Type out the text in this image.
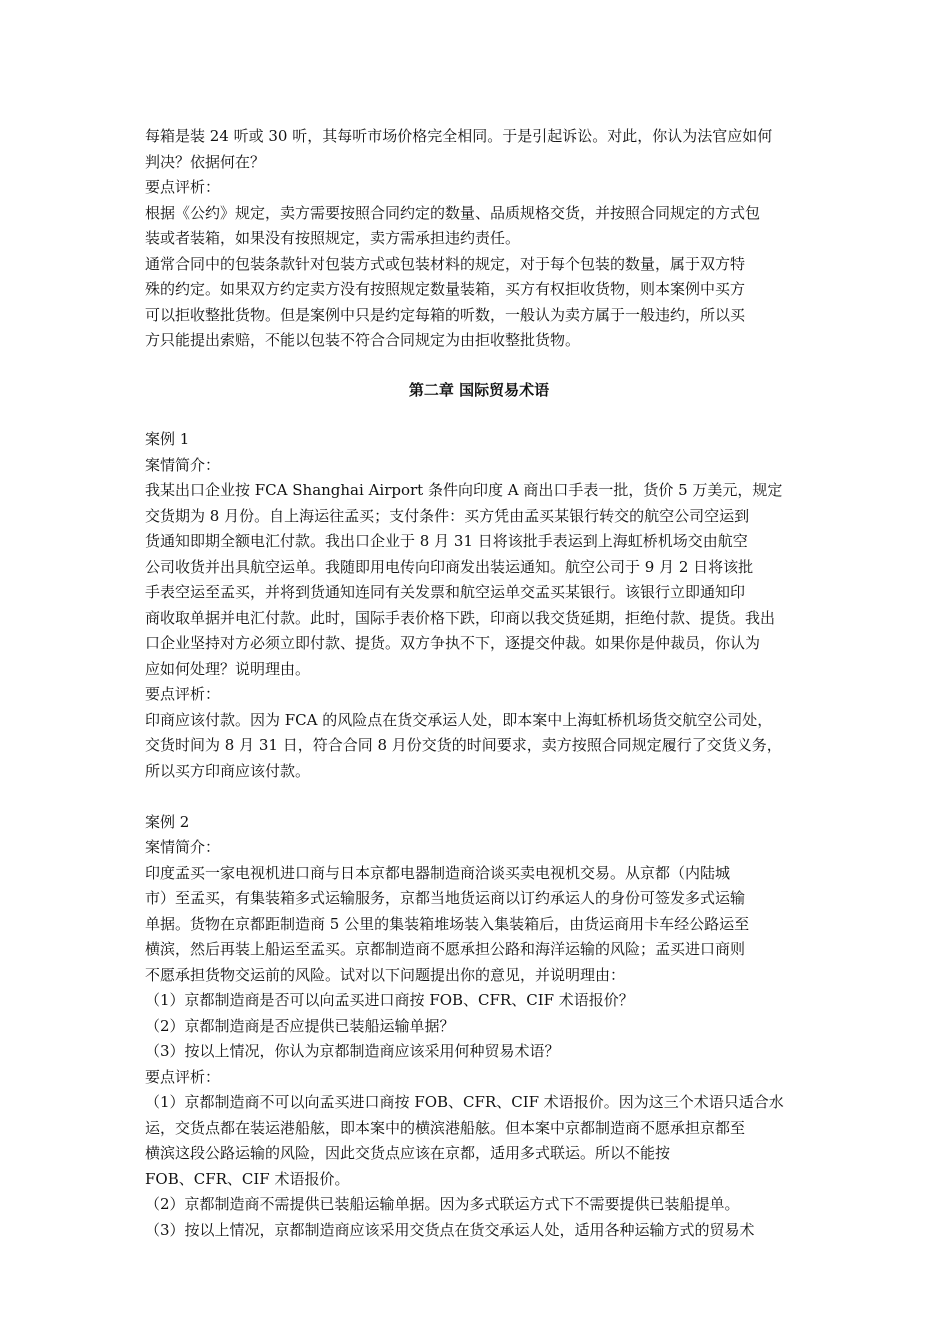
每箱是装 24 听或 30 听，其每听市场价格完全相同。于是引起诉讼。对此，你认为法官应如何
判决？依据何在？
要点评析：
根据《公约》规定，卖方需要按照合同约定的数量、品质规格交货，并按照合同规定的方式包
装或者装箱，如果没有按照规定，卖方需承担违约责任。
通常合同中的包装条款针对包装方式或包装材料的规定，对于每个包装的数量，属于双方特
殊的约定。如果双方约定卖方没有按照规定数量装箱，买方有权拒收货物，则本案例中买方
可以拒收整批货物。但是案例中只是约定每箱的听数，一般认为卖方属于一般违约，所以买
方只能提出索赔，不能以包装不符合合同规定为由拒收整批货物。
第二章 国际贸易术语
案例 1
案情简介：
我某出口企业按 FCA Shanghai Airport 条件向印度 A 商出口手表一批，货价 5 万美元，规定
交货期为 8 月份。自上海运往孟买；支付条件：买方凭由孟买某银行转交的航空公司空运到
货通知即期全额电汇付款。我出口企业于 8 月 31 日将该批手表运到上海虹桥机场交由航空
公司收货并出具航空运单。我随即用电传向印商发出装运通知。航空公司于 9 月 2 日将该批
手表空运至孟买，并将到货通知连同有关发票和航空运单交孟买某银行。该银行立即通知印
商收取单据并电汇付款。此时，国际手表价格下跌，印商以我交货延期，拒绝付款、提货。我出
口企业坚持对方必须立即付款、提货。双方争执不下，逐提交仲裁。如果你是仲裁员，你认为
应如何处理？说明理由。
要点评析：
印商应该付款。因为 FCA 的风险点在货交承运人处，即本案中上海虹桥机场货交航空公司处，
交货时间为 8 月 31 日，符合合同 8 月份交货的时间要求，卖方按照合同规定履行了交货义务，
所以买方印商应该付款。
案例 2
案情简介：
印度孟买一家电视机进口商与日本京都电器制造商洽谈买卖电视机交易。从京都（内陆城
市）至孟买，有集装箱多式运输服务，京都当地货运商以订约承运人的身份可签发多式运输
单据。货物在京都距制造商 5 公里的集装箱堆场装入集装箱后，由货运商用卡车经公路运至
横滨，然后再装上船运至孟买。京都制造商不愿承担公路和海洋运输的风险；孟买进口商则
不愿承担货物交运前的风险。试对以下问题提出你的意见，并说明理由：
（1）京都制造商是否可以向孟买进口商按 FOB、CFR、CIF 术语报价？
（2）京都制造商是否应提供已装船运输单据？
（3）按以上情况，你认为京都制造商应该采用何种贸易术语？
要点评析：
（1）京都制造商不可以向孟买进口商按 FOB、CFR、CIF 术语报价。因为这三个术语只适合水
运，交货点都在装运港船舷，即本案中的横滨港船舷。但本案中京都制造商不愿承担京都至
横滨这段公路运输的风险，因此交货点应该在京都，适用多式联运。所以不能按
FOB、CFR、CIF 术语报价。
（2）京都制造商不需提供已装船运输单据。因为多式联运方式下不需要提供已装船提单。
（3）按以上情况，京都制造商应该采用交货点在货交承运人处，适用各种运输方式的贸易术
